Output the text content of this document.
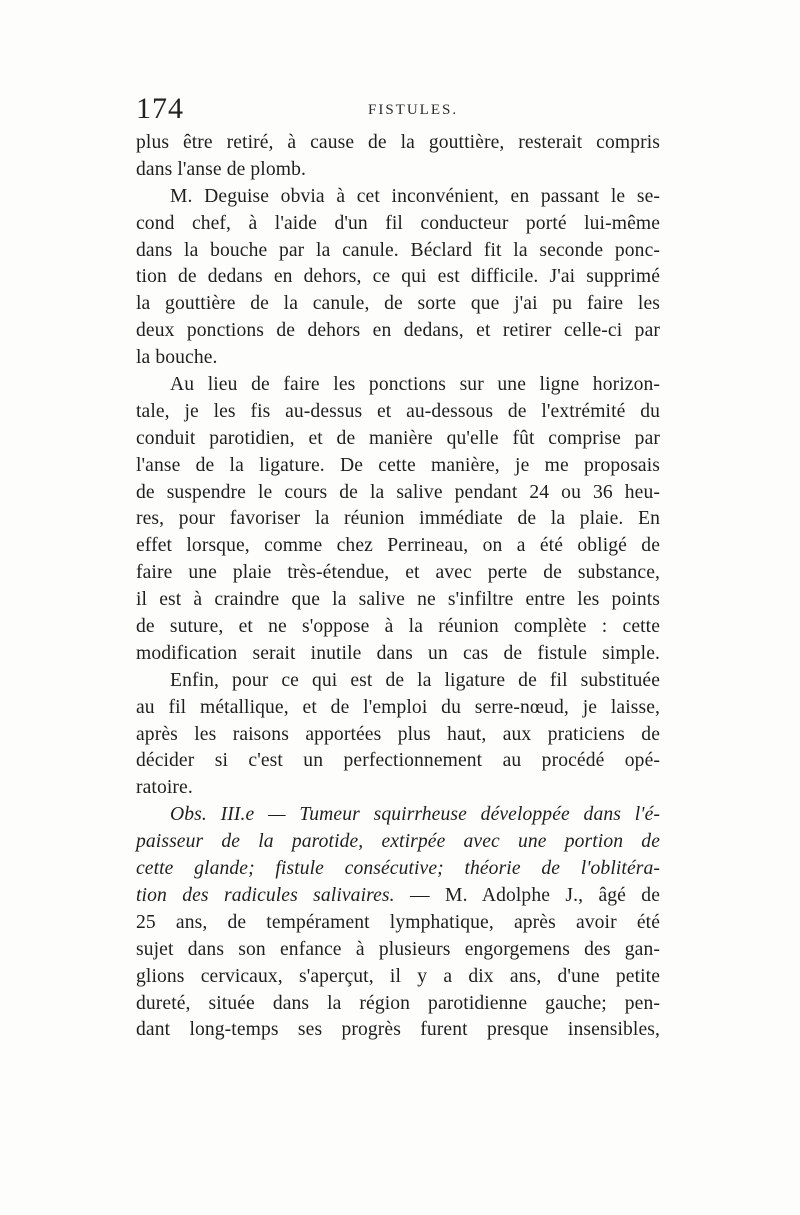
174	FISTULES.
plus être retiré, à cause de la gouttière, resterait compris
dans l'anse de plomb.
M. Deguise obvia à cet inconvénient, en passant le se-
cond chef, à l'aide d'un fil conducteur porté lui-même
dans la bouche par la canule. Béclard fit la seconde ponc-
tion de dedans en dehors, ce qui est difficile. J'ai supprimé
la gouttière de la canule, de sorte que j'ai pu faire les
deux ponctions de dehors en dedans, et retirer celle-ci par
la bouche.
Au lieu de faire les ponctions sur une ligne horizon-
tale, je les fis au-dessus et au-dessous de l'extrémité du
conduit parotidien, et de manière qu'elle fût comprise par
l'anse de la ligature. De cette manière, je me proposais
de suspendre le cours de la salive pendant 24 ou 36 heu-
res, pour favoriser la réunion immédiate de la plaie. En
effet lorsque, comme chez Perrineau, on a été obligé de
faire une plaie très-étendue, et avec perte de substance,
il est à craindre que la salive ne s'infiltre entre les points
de suture, et ne s'oppose à la réunion complète : cette
modification serait inutile dans un cas de fistule simple.
Enfin, pour ce qui est de la ligature de fil substituée
au fil métallique, et de l'emploi du serre-nœud, je laisse,
après les raisons apportées plus haut, aux praticiens de
décider si c'est un perfectionnement au procédé opé-
ratoire.
Obs. III.e — Tumeur squirrheuse développée dans l'é-
paisseur de la parotide, extirpée avec une portion de
cette glande; fistule consécutive; théorie de l'oblitéra-
tion des radicules salivaires. — M. Adolphe J., âgé de
25 ans, de tempérament lymphatique, après avoir été
sujet dans son enfance à plusieurs engorgemens des gan-
glions cervicaux, s'aperçut, il y a dix ans, d'une petite
dureté, située dans la région parotidienne gauche; pen-
dant long-temps ses progrès furent presque insensibles,
